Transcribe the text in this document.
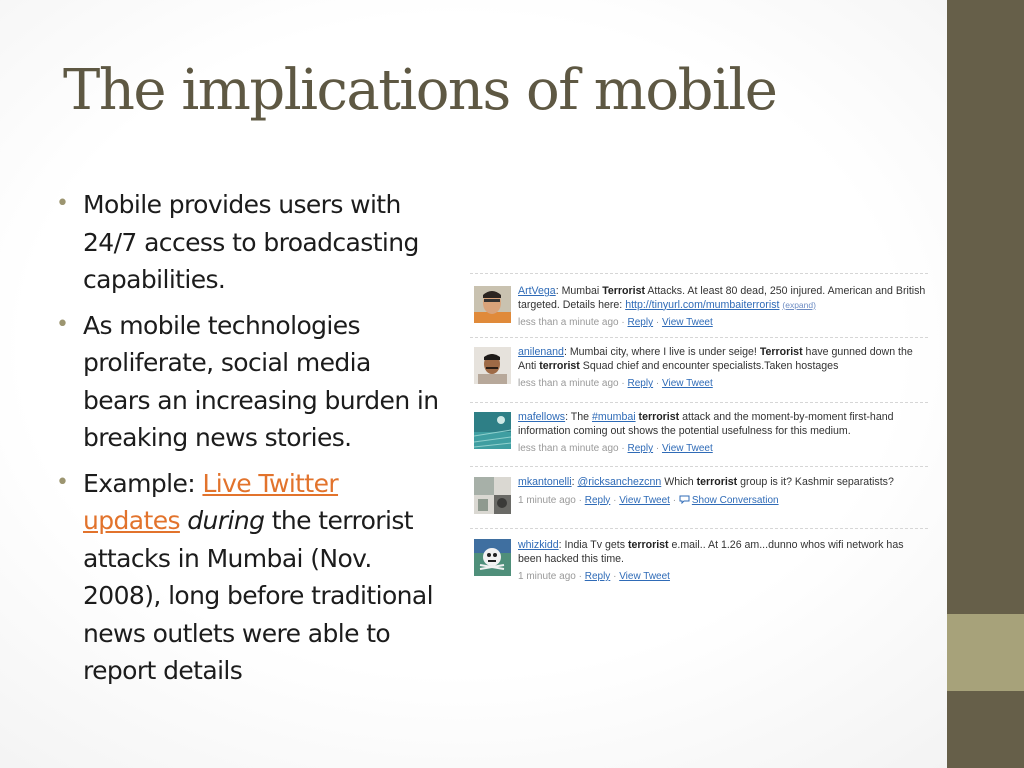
The implications of mobile
• Mobile provides users with 24/7 access to broadcasting capabilities.
• As mobile technologies proliferate, social media bears an increasing burden in breaking news stories.
• Example: Live Twitter updates during the terrorist attacks in Mumbai (Nov. 2008), long before traditional news outlets were able to report details
ArtVega: Mumbai Terrorist Attacks. At least 80 dead, 250 injured. American and British targeted. Details here: http://tinyurl.com/mumbaiterrorist (expand)
less than a minute ago · Reply · View Tweet
anilenand: Mumbai city, where I live is under seige! Terrorist have gunned down the Anti terrorist Squad chief and encounter specialists.Taken hostages
less than a minute ago · Reply · View Tweet
mafellows: The #mumbai terrorist attack and the moment-by-moment first-hand information coming out shows the potential usefulness for this medium.
less than a minute ago · Reply · View Tweet
mkantonelli: @ricksanchezcnn Which terrorist group is it? Kashmir separatists?
1 minute ago · Reply · View Tweet · Show Conversation
whizkidd: India Tv gets terrorist e.mail.. At 1.26 am...dunno whos wifi network has been hacked this time.
1 minute ago · Reply · View Tweet
